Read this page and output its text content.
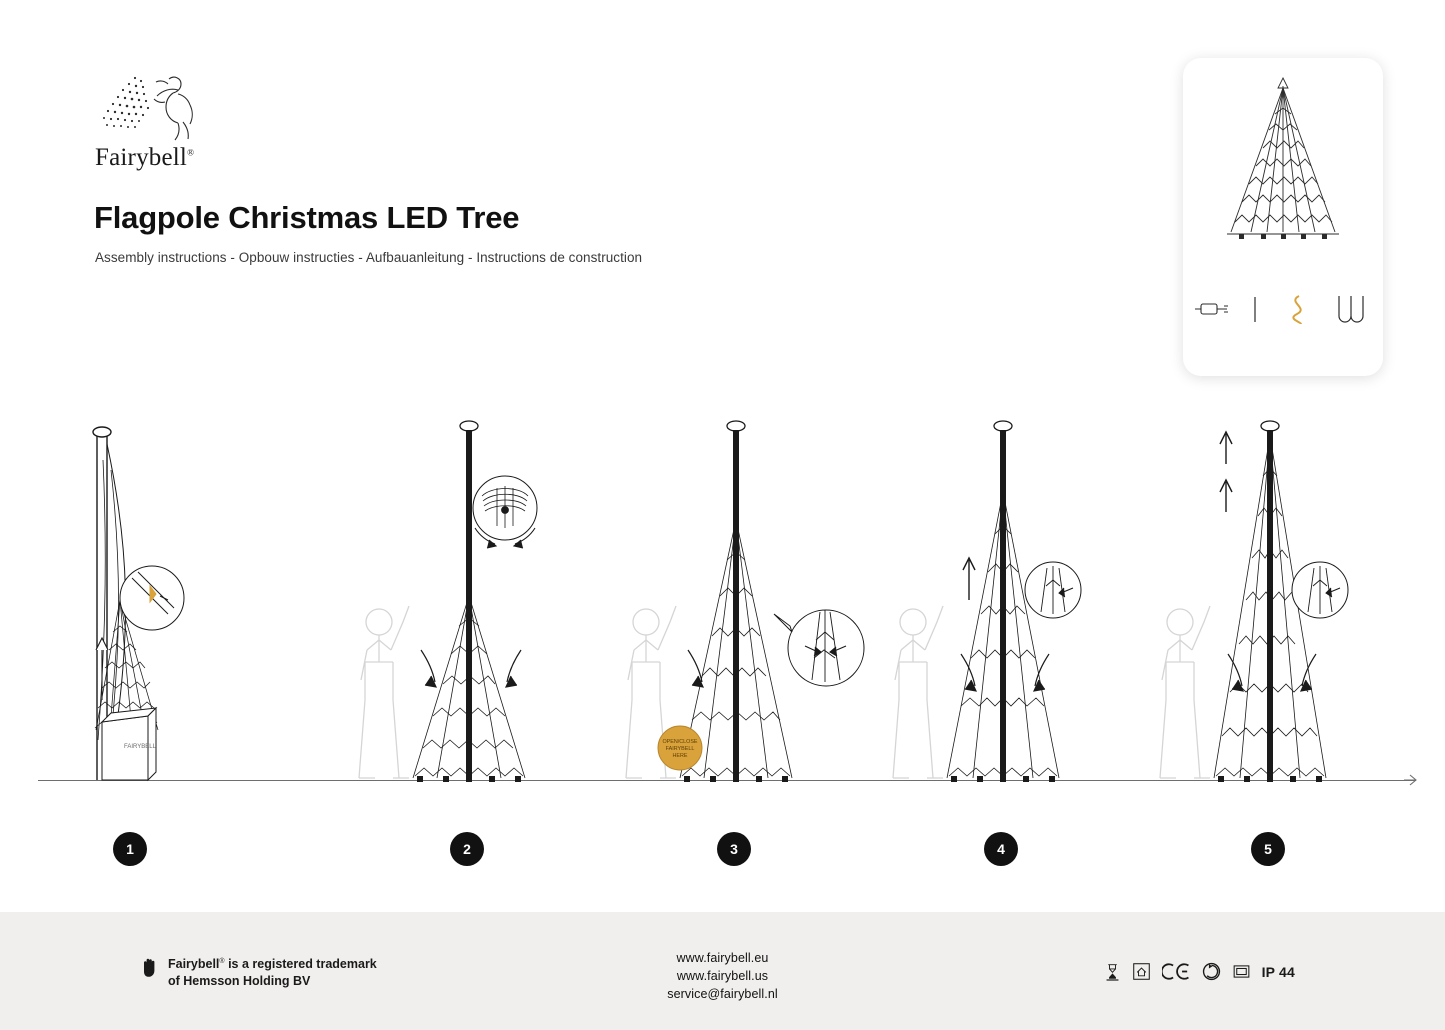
Fairybell®
Flagpole Christmas LED Tree
Assembly instructions - Opbouw instructies - Aufbauanleitung - Instructions de construction
FAIRYBELL
1	2
OPEN/CLOSE
FAIRYBELL
HERE
3	4	5
Fairybell® is a registered trademark
of Hemsson Holding BV
www.fairybell.eu
www.fairybell.us
service@fairybell.nl
IP 44
